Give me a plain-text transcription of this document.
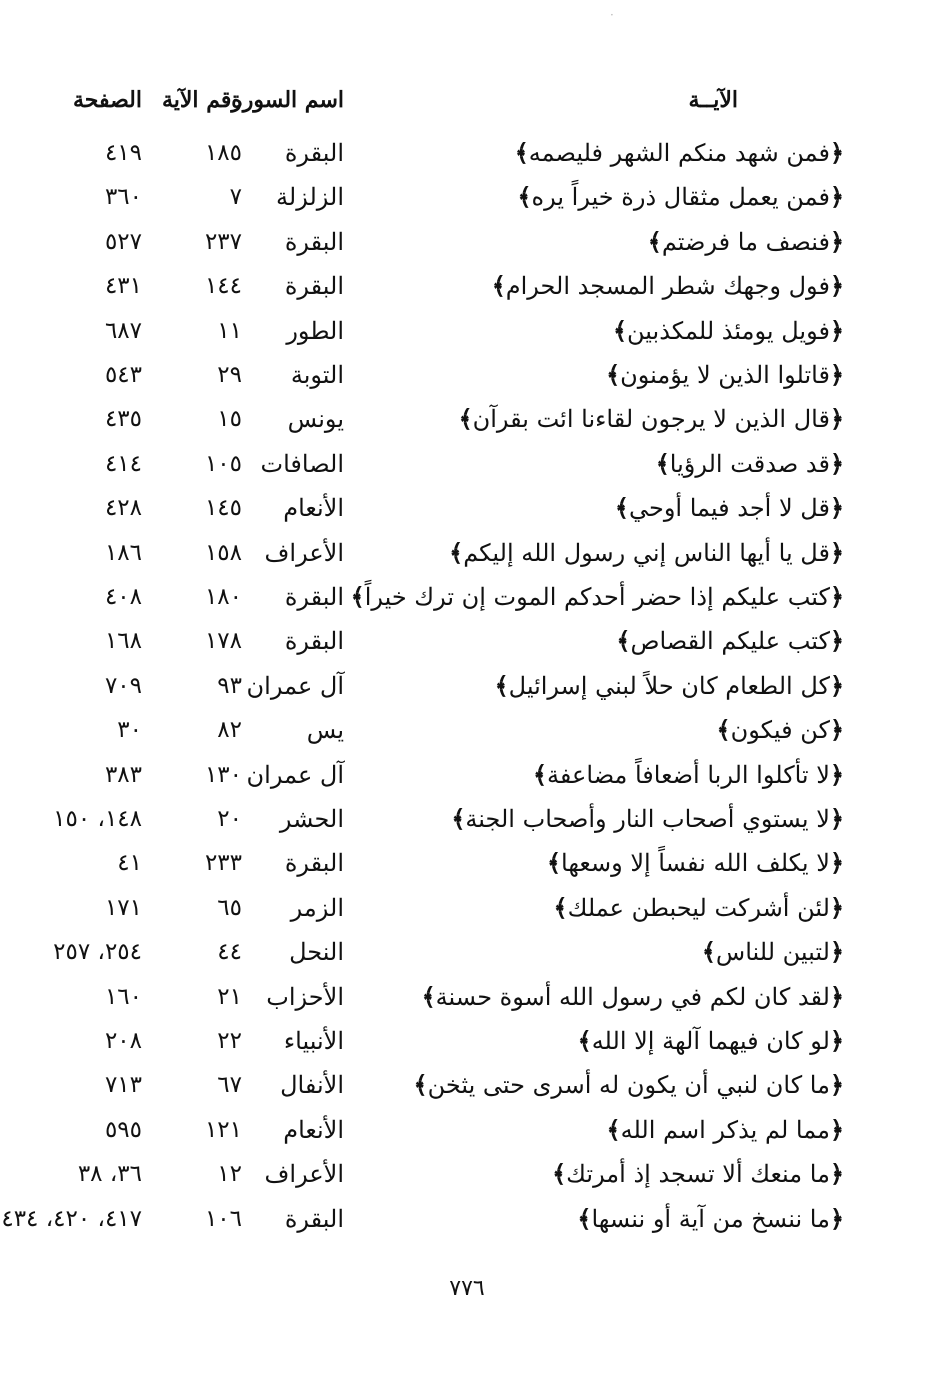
·
الآيــة
اسم السورة
رقم الآية
الصفحة
﴿فمن شهد منكم الشهر فليصمه﴾
البقرة
١٨٥
٤١٩
﴿فمن يعمل مثقال ذرة خيراً يره﴾
الزلزلة
٧
٣٦٠
﴿فنصف ما فرضتم﴾
البقرة
٢٣٧
٥٢٧
﴿فول وجهك شطر المسجد الحرام﴾
البقرة
١٤٤
٤٣١
﴿فويل يومئذ للمكذبين﴾
الطور
١١
٦٨٧
﴿قاتلوا الذين لا يؤمنون﴾
التوبة
٢٩
٥٤٣
﴿قال الذين لا يرجون لقاءنا ائت بقرآن﴾
يونس
١٥
٤٣٥
﴿قد صدقت الرؤيا﴾
الصافات
١٠٥
٤١٤
﴿قل لا أجد فيما أوحي﴾
الأنعام
١٤٥
٤٢٨
﴿قل يا أيها الناس إني رسول الله إليكم﴾
الأعراف
١٥٨
١٨٦
﴿كتب عليكم إذا حضر أحدكم الموت إن ترك خيراً﴾
البقرة
١٨٠
٤٠٨
﴿كتب عليكم القصاص﴾
البقرة
١٧٨
١٦٨
﴿كل الطعام كان حلاً لبني إسرائيل﴾
آل عمران
٩٣
٧٠٩
﴿كن فيكون﴾
يس
٨٢
٣٠
﴿لا تأكلوا الربا أضعافاً مضاعفة﴾
آل عمران
١٣٠
٣٨٣
﴿لا يستوي أصحاب النار وأصحاب الجنة﴾
الحشر
٢٠
١٤٨، ١٥٠
﴿لا يكلف الله نفساً إلا وسعها﴾
البقرة
٢٣٣
٤١
﴿لئن أشركت ليحبطن عملك﴾
الزمر
٦٥
١٧١
﴿لتبين للناس﴾
النحل
٤٤
٢٥٤، ٢٥٧
﴿لقد كان لكم في رسول الله أسوة حسنة﴾
الأحزاب
٢١
١٦٠
﴿لو كان فيهما آلهة إلا الله﴾
الأنبياء
٢٢
٢٠٨
﴿ما كان لنبي أن يكون له أسرى حتى يثخن﴾
الأنفال
٦٧
٧١٣
﴿مما لم يذكر اسم الله﴾
الأنعام
١٢١
٥٩٥
﴿ما منعك ألا تسجد إذ أمرتك﴾
الأعراف
١٢
٣٦، ٣٨
﴿ما ننسخ من آية أو ننسها﴾
البقرة
١٠٦
٤١٧، ٤٢٠، ٤٣٤
٧٧٦
